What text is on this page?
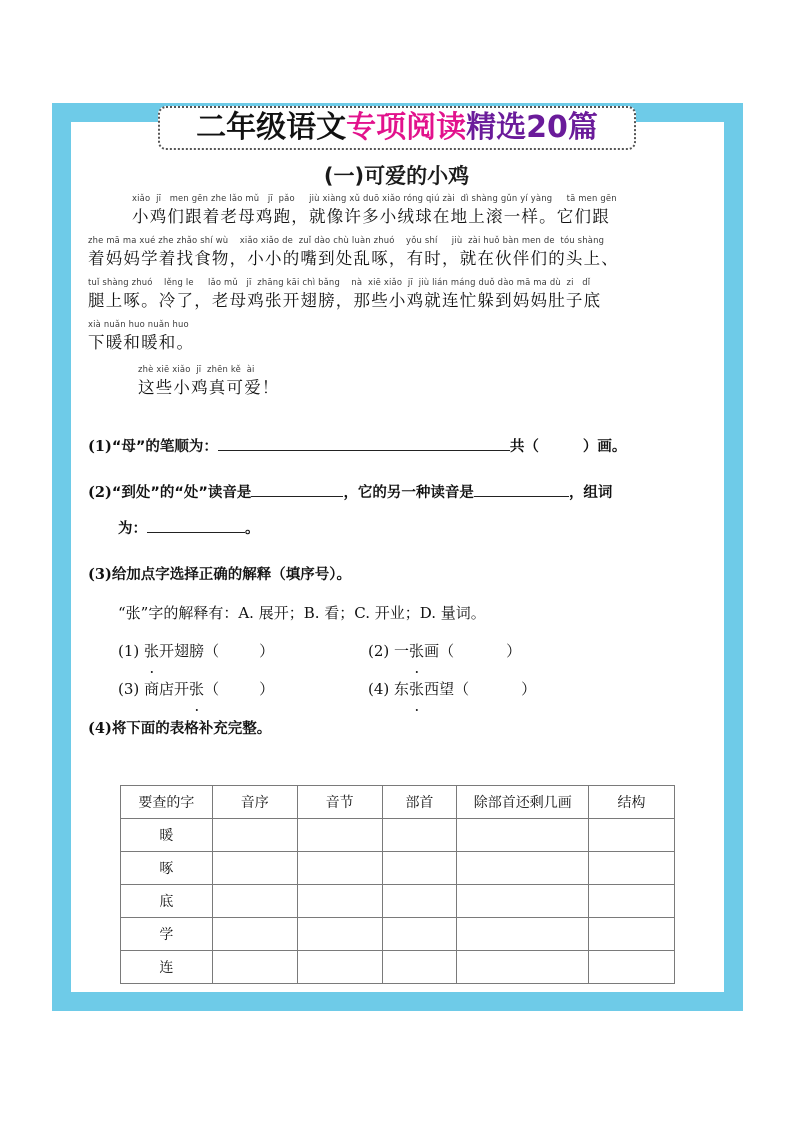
二年级语文专项阅读精选20篇
(一)可爱的小鸡
xiǎo  jī   men gēn zhe lǎo mǔ   jī  pǎo     jiù xiàng xǔ duō xiǎo róng qiú zài  dì shàng gǔn yí yàng     tā men gēn
小鸡们跟着老母鸡跑，就像许多小绒球在地上滚一样。它们跟
zhe mā ma xué zhe zhǎo shí wù    xiǎo xiǎo de  zuǐ dào chù luàn zhuó    yǒu shí     jiù  zài huǒ bàn men de  tóu shàng
着妈妈学着找食物，小小的嘴到处乱啄，有时，就在伙伴们的头上、
tuǐ shàng zhuó    lěng le     lǎo mǔ   jī  zhāng kāi chì bǎng    nà  xiē xiǎo  jī  jiù lián máng duǒ dào mā ma dù  zi   dǐ
腿上啄。冷了，老母鸡张开翅膀，那些小鸡就连忙躲到妈妈肚子底
xià nuǎn huo nuǎn huo
下暖和暖和。
zhè xiē xiǎo  jī  zhēn kě  ài
这些小鸡真可爱！
(1) “母”的笔顺为：	共（	）画。
(2) “到处”的“处”读音是	，它的另一种读音是	，组词
为：	。
(3) 给加点字选择正确的解释（填序号）。
“张”字的解释有：A. 展开；B. 看；C. 开业；D. 量词。
(1) 张开翅膀（	）	(2) 一张画（	）
(3) 商店开张（	）	(4) 东张西望（	）
(4) 将下面的表格补充完整。
要查的字	音序	音节	部首	除部首还剩几画	结构
暖					
啄					
底					
学					
连					
